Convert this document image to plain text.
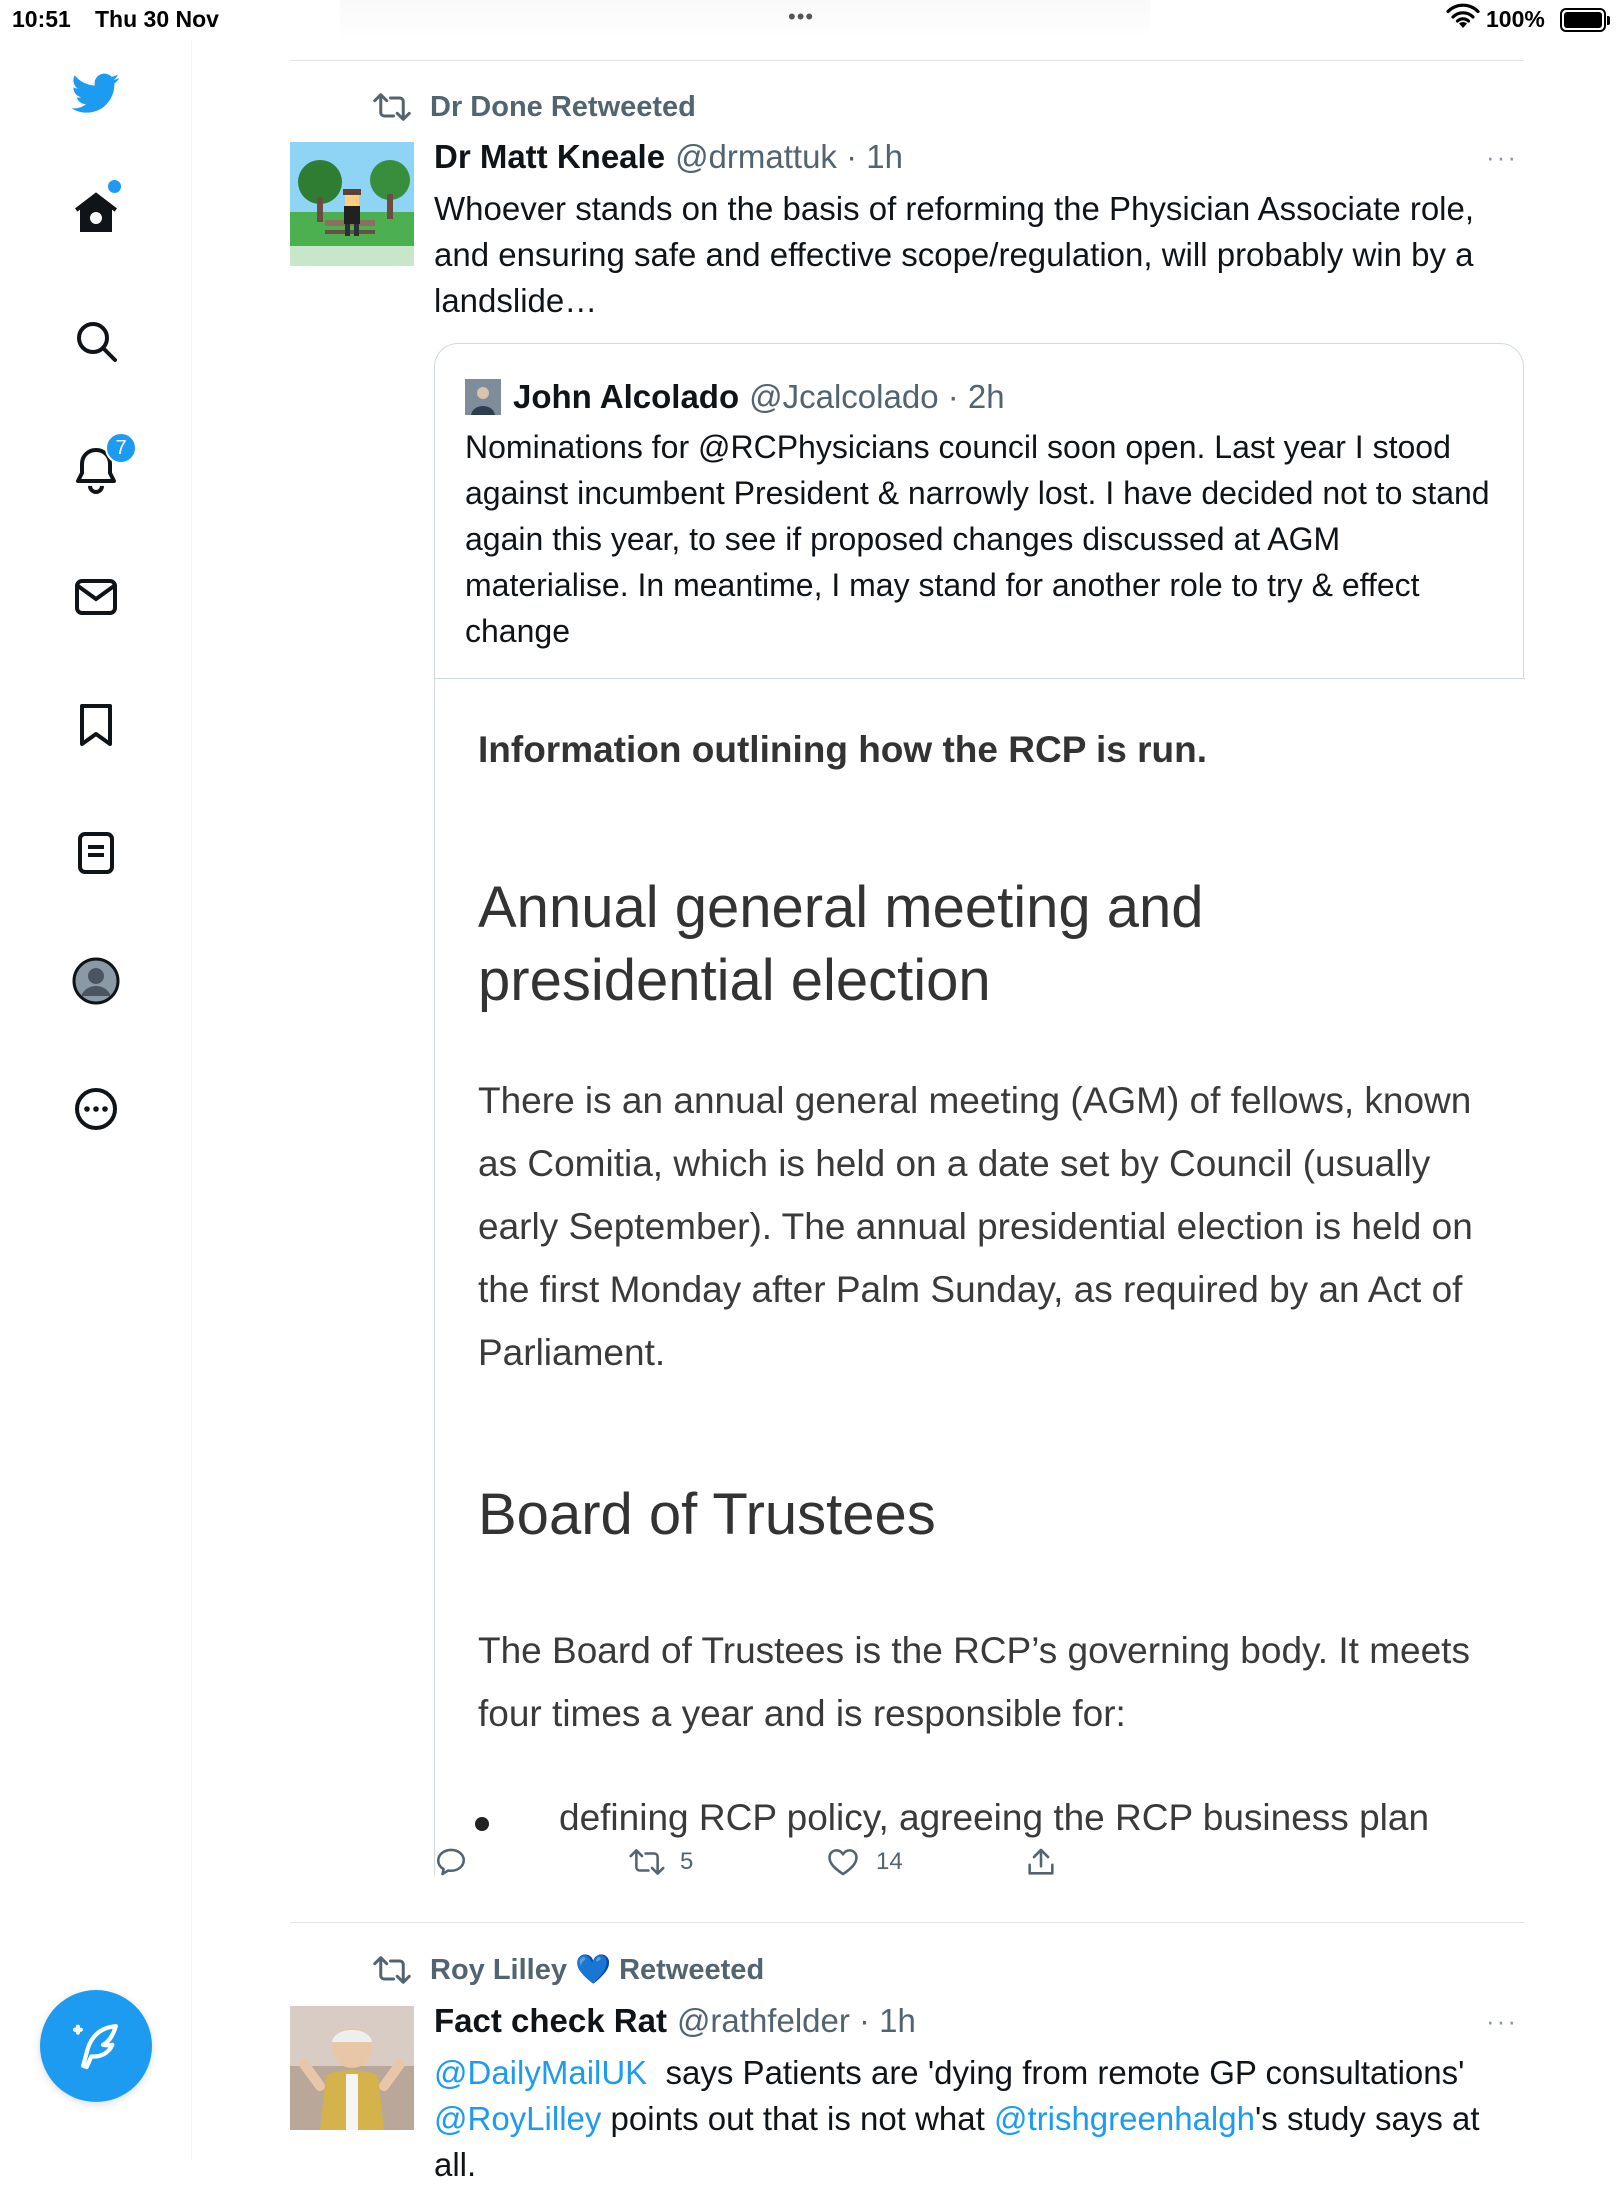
10:51 Thu 30 Nov	•••	100%
7
Dr Done Retweeted
Dr Matt Kneale @drmattuk · 1h	···
Whoever stands on the basis of reforming the Physician Associate role, and ensuring safe and effective scope/regulation, will probably win by a landslide…
John Alcolado @Jcalcolado · 2h
Nominations for @RCPhysicians council soon open. Last year I stood against incumbent President & narrowly lost. I have decided not to stand again this year, to see if proposed changes discussed at AGM materialise. In meantime, I may stand for another role to try & effect change
Information outlining how the RCP is run.
Annual general meeting and presidential election
There is an annual general meeting (AGM) of fellows, known as Comitia, which is held on a date set by Council (usually early September). The annual presidential election is held on the first Monday after Palm Sunday, as required by an Act of Parliament.
Board of Trustees
The Board of Trustees is the RCP’s governing body. It meets four times a year and is responsible for:
defining RCP policy, agreeing the RCP business plan
5	14
Roy Lilley 💙 Retweeted
Fact check Rat @rathfelder · 1h	···
@DailyMailUK  says Patients are 'dying from remote GP consultations'
@RoyLilley points out that is not what @trishgreenhalgh's study says at all.
